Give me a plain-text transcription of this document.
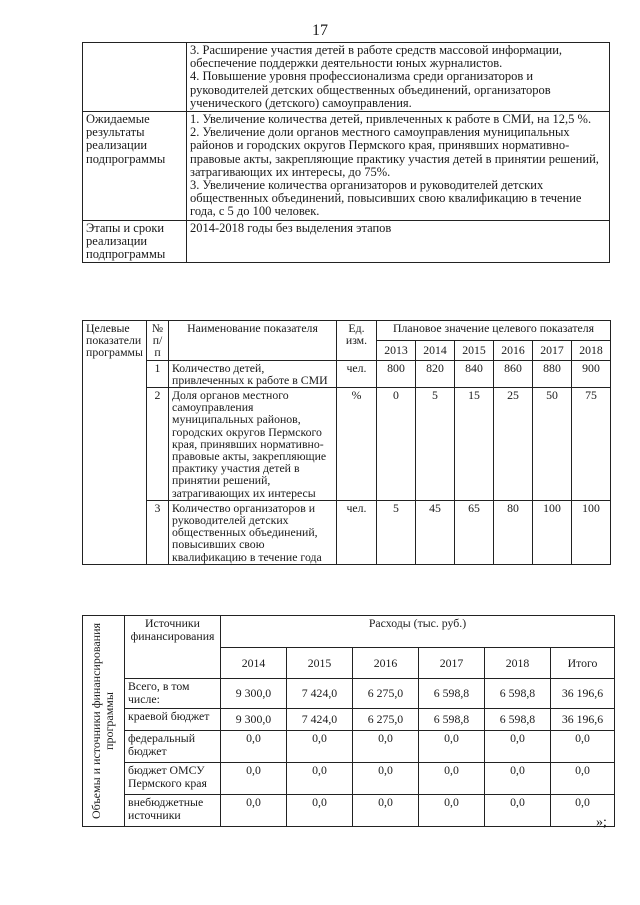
17

	3. Расширение участия детей в работе средств массовой информации, обеспечение поддержки деятельности юных журналистов.
4. Повышение уровня профессионализма среди организаторов и руководителей детских общественных объединений, организаторов ученического (детского) самоуправления.

Ожидаемые результаты реализации подпрограммы	1. Увеличение количества детей, привлеченных к работе в СМИ, на 12,5 %.
2. Увеличение доли органов местного самоуправления муниципальных районов и городских округов Пермского края, принявших нормативно-правовые акты, закрепляющие практику участия детей в принятии решений, затрагивающих их интересы, до 75%.
3. Увеличение количества организаторов и руководителей детских общественных объединений, повысивших свою квалификацию в течение года, с 5 до 100 человек.

Этапы и сроки реализации подпрограммы	2014-2018 годы без выделения этапов
Целевые показатели программы	№ п/п	Наименование показателя	Ед. изм.	Плановое значение целевого показателя					
				2013	2014	2015	2016	2017	2018
	1	Количество детей, привлеченных к работе в СМИ	чел.	800	820	840	860	880	900
	2	Доля органов местного самоуправления муниципальных районов, городских округов Пермского края, принявших нормативно-правовые акты, закрепляющие практику участия детей в принятии решений, затрагивающих их интересы	%	0	5	15	25	50	75
	3	Количество организаторов и руководителей детских общественных объединений, повысивших свою квалификацию в течение года	чел.	5	45	65	80	100	100
Объемы и источники финансирования программы	Источники финансирования	Расходы (тыс. руб.)					
		2014	2015	2016	2017	2018	Итого
	Всего, в том числе:	9 300,0	7 424,0	6 275,0	6 598,8	6 598,8	36 196,6
	краевой бюджет	9 300,0	7 424,0	6 275,0	6 598,8	6 598,8	36 196,6
	федеральный бюджет	0,0	0,0	0,0	0,0	0,0	0,0
	бюджет ОМСУ Пермского края	0,0	0,0	0,0	0,0	0,0	0,0
	внебюджетные источники	0,0	0,0	0,0	0,0	0,0	0,0
»;
